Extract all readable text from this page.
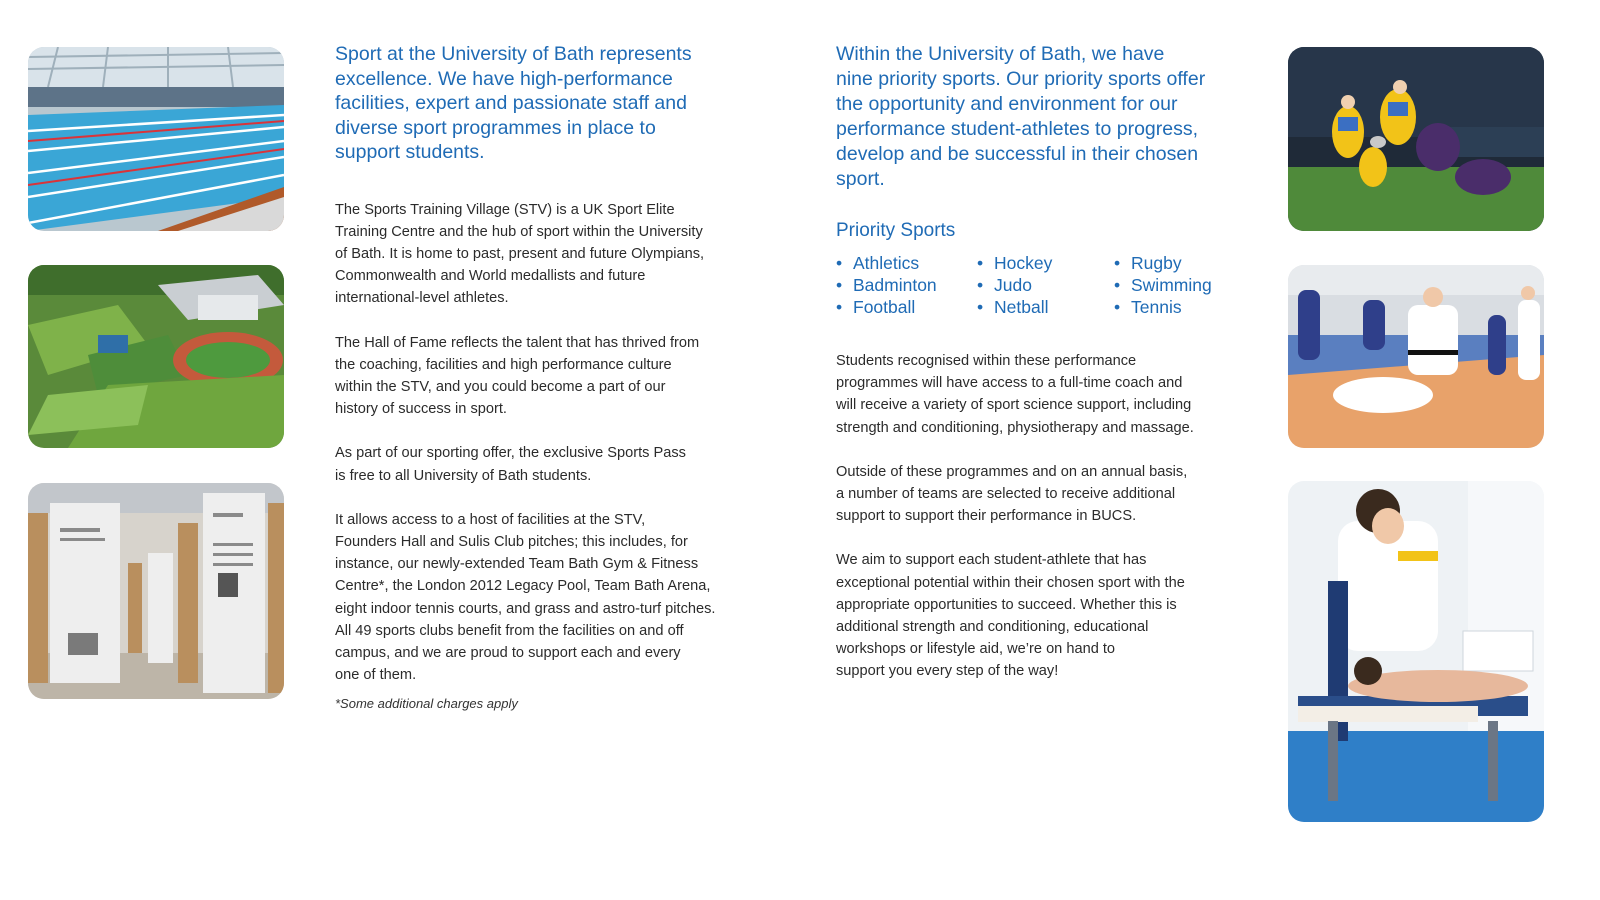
Sport at the University of Bath represents
excellence. We have high-performance
facilities, expert and passionate staff and
diverse sport programmes in place to
support students.

The Sports Training Village (STV) is a UK Sport Elite
Training Centre and the hub of sport within the University
of Bath. It is home to past, present and future Olympians,
Commonwealth and World medallists and future
international-level athletes.

The Hall of Fame reflects the talent that has thrived from
the coaching, facilities and high performance culture
within the STV, and you could become a part of our
history of success in sport.

As part of our sporting offer, the exclusive Sports Pass
is free to all University of Bath students.

It allows access to a host of facilities at the STV,
Founders Hall and Sulis Club pitches; this includes, for
instance, our newly-extended Team Bath Gym & Fitness
Centre*, the London 2012 Legacy Pool, Team Bath Arena,
eight indoor tennis courts, and grass and astro-turf pitches.
All 49 sports clubs benefit from the facilities on and off
campus, and we are proud to support each and every
one of them.

*Some additional charges apply

Within the University of Bath, we have
nine priority sports. Our priority sports offer
the opportunity and environment for our
performance student-athletes to progress,
develop and be successful in their chosen
sport.

Priority Sports

• Athletics
• Badminton
• Football
• Hockey
• Judo
• Netball
• Rugby
• Swimming
• Tennis

Students recognised within these performance
programmes will have access to a full-time coach and
will receive a variety of sport science support, including
strength and conditioning, physiotherapy and massage.

Outside of these programmes and on an annual basis,
a number of teams are selected to receive additional
support to support their performance in BUCS.

We aim to support each student-athlete that has
exceptional potential within their chosen sport with the
appropriate opportunities to succeed. Whether this is
additional strength and conditioning, educational
workshops or lifestyle aid, we’re on hand to
support you every step of the way!
